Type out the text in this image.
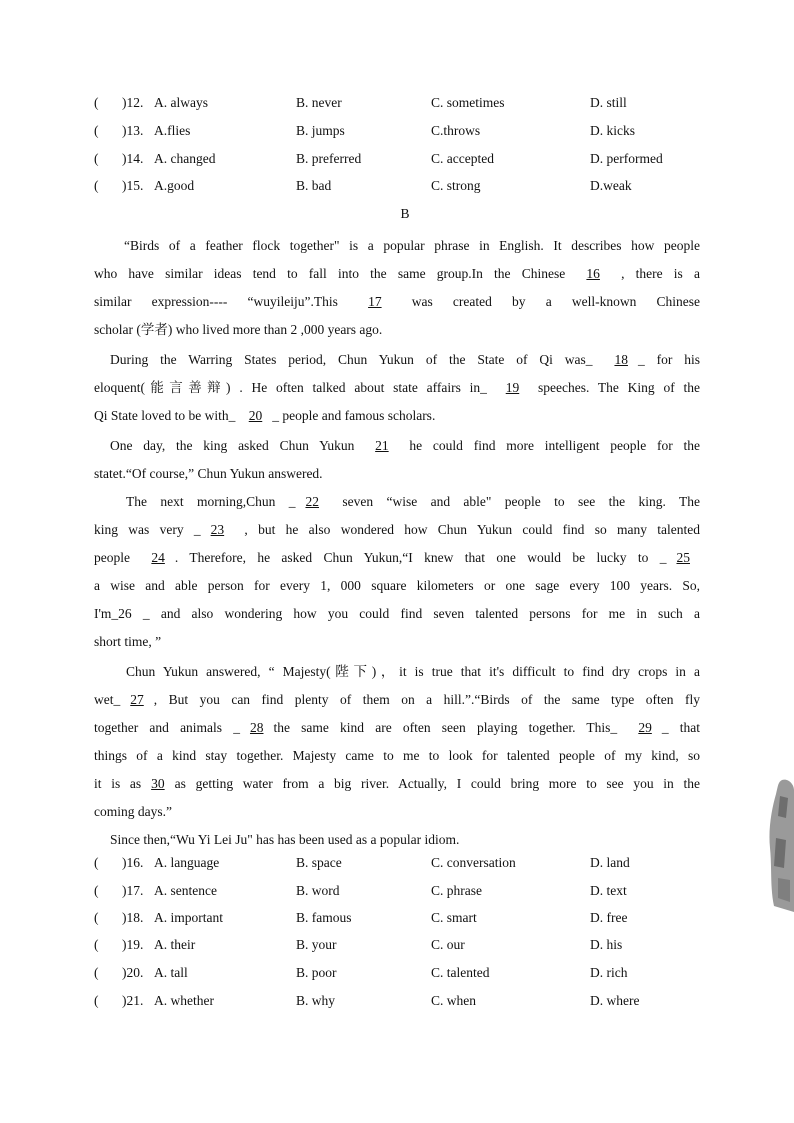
( )12. A. always	B. never	C. sometimes	D. still
( )13. A.flies	B. jumps	C.throws	D. kicks
( )14. A. changed	B. preferred	C. accepted	D. performed
( )15. A.good	B. bad	C. strong	D.weak
B
“Birds of a feather flock together" is a popular phrase in English. It describes how people
who have similar ideas tend to fall into the same group.In the Chinese 16 , there is a
similar expression---- “wuyileiju”.This 17 was created by a well-known Chinese
scholar (学者) who lived more than 2 ,000 years ago.
During the Warring States period, Chun Yukun of the State of Qi was_ 18 _ for his
eloquent(能言善辩) . He often talked about state affairs in_ 19 speeches. The King of the
Qi State loved to be with_ 20 _ people and famous scholars.
One day, the king asked Chun Yukun 21 he could find more intelligent people for the
statet.“Of course,” Chun Yukun answered.
The next morning,Chun _ 22 seven “wise and able" people to see the king. The
king was very _ 23 , but he also wondered how Chun Yukun could find so many talented
people 24 . Therefore, he asked Chun Yukun,“I knew that one would be lucky to _ 25
a wise and able person for every 1, 000 square kilometers or one sage every 100 years. So,
I'm_26 _ and also wondering how you could find seven talented persons for me in such a
short time, ”
Chun Yukun answered, “ Majesty(陛下)，it is true that it's difficult to find dry crops in a
wet_ 27 , But you can find plenty of them on a hill.”.“Birds of the same type often fly
together and animals _ 28 the same kind are often seen playing together. This_ 29 _ that
things of a kind stay together. Majesty came to me to look for talented people of my kind, so
it is as 30 as getting water from a big river. Actually, I could bring more to see you in the
coming days.”
Since then,“Wu Yi Lei Ju" has has been used as a popular idiom.
( )16. A. language	B. space	C. conversation	D. land
( )17. A. sentence	B. word	C. phrase	D. text
( )18. A. important	B. famous	C. smart	D. free
( )19. A. their	B. your	C. our	D. his
( )20. A. tall	B. poor	C. talented	D. rich
( )21. A. whether	B. why	C. when	D. where
